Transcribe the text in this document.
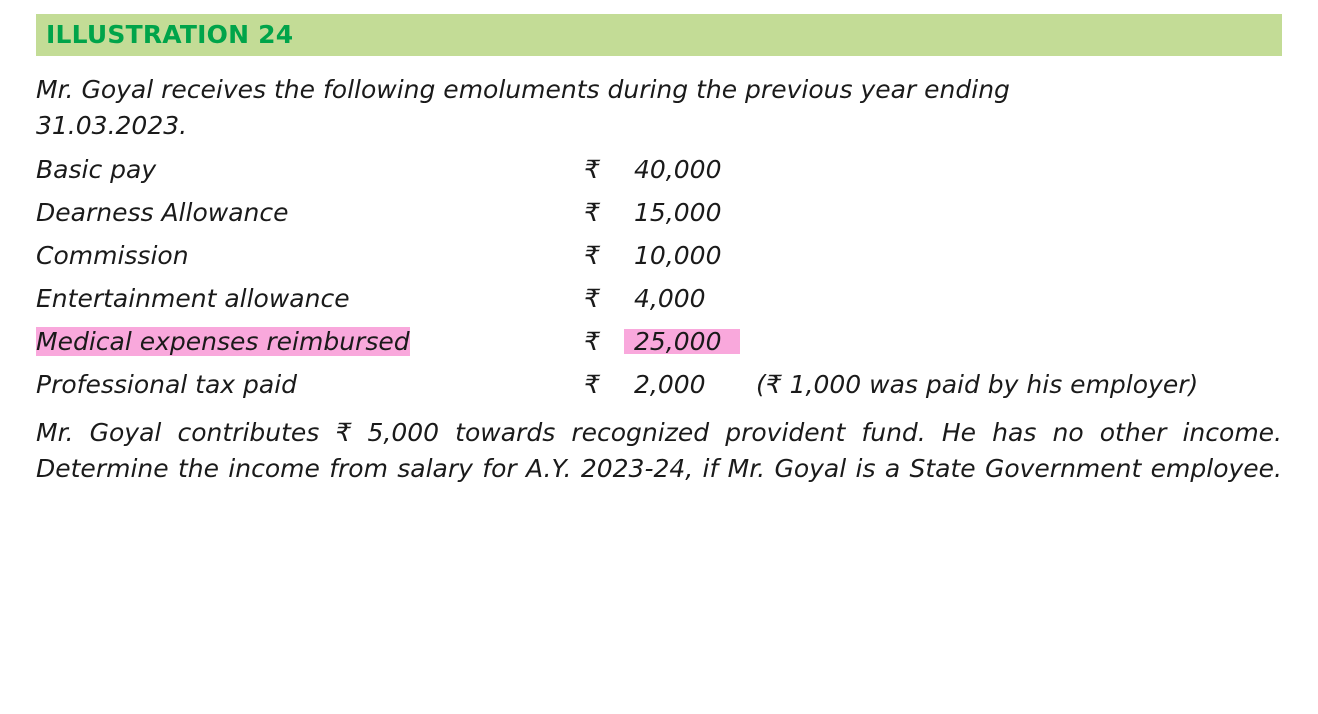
ILLUSTRATION 24
Mr. Goyal receives the following emoluments during the previous year ending
31.03.2023.
Basic pay	₹	40,000
Dearness Allowance	₹	15,000
Commission	₹	10,000
Entertainment allowance	₹	4,000
Medical expenses reimbursed	₹	25,000
Professional tax paid	₹	2,000	(₹ 1,000 was paid by his employer)

Mr. Goyal contributes ₹ 5,000 towards recognized provident fund. He has no other income. Determine the income from salary for A.Y. 2023-24, if Mr. Goyal is a State Government employee.
